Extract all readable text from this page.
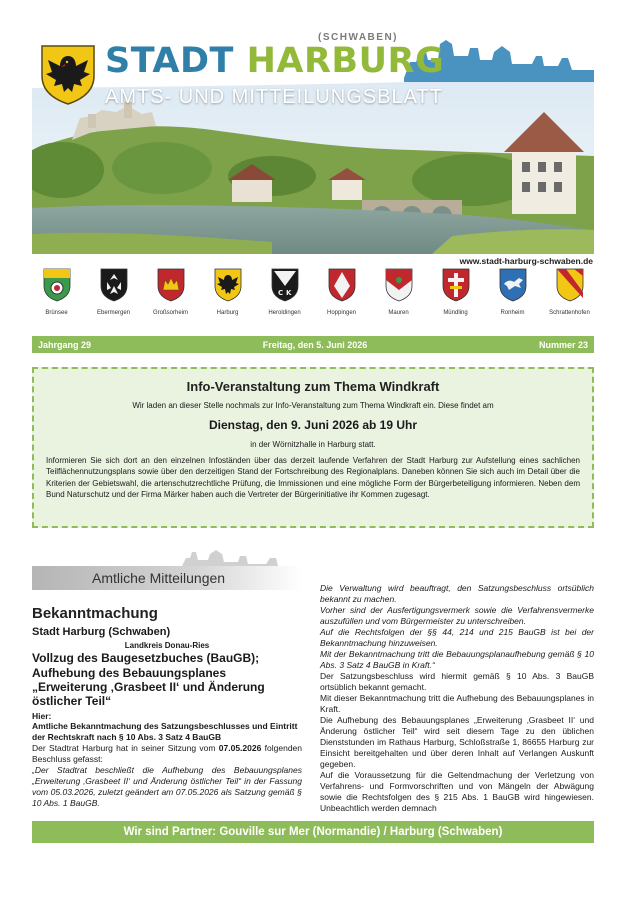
(SCHWABEN)
STADT HARBURG
AMTS- UND MITTEILUNGSBLATT
www.stadt-harburg-schwaben.de
Brünsee	Ebermergen	Großsorheim	Harburg
C K
Heroldingen	Hoppingen	Mauren	Mündling	Ronheim	Schrattenhofen
Jahrgang 29	Freitag, den 5. Juni 2026	Nummer 23
Info-Veranstaltung zum Thema Windkraft
Wir laden an dieser Stelle nochmals zur Info-Veranstaltung zum Thema Windkraft ein. Diese findet am
Dienstag, den 9. Juni 2026 ab 19 Uhr
in der Wörnitzhalle in Harburg statt.
Informieren Sie sich dort an den einzelnen Infoständen über das derzeit laufende Verfahren der Stadt Harburg zur Aufstellung eines sachlichen Teilflächennutzungsplans sowie über den derzeitigen Stand der Fortschreibung des Regionalplans. Daneben können Sie sich auch im Detail über die Kriterien der Gebietswahl, die artenschutzrechtliche Prüfung, die Immissionen und eine mögliche Form der Bürgerbeteiligung informieren. Neben dem Bund Naturschutz und der Firma Märker haben auch die Vertreter der Bürgerinitiative ihr Kommen zugesagt.
Amtliche Mitteilungen
Bekanntmachung
Stadt Harburg (Schwaben)
Landkreis Donau-Ries
Vollzug des Baugesetzbuches (BauGB);
Aufhebung des Bebauungsplanes „Erweiterung ‚Grasbeet II‘ und Änderung östlicher Teil“
Hier:
Amtliche Bekanntmachung des Satzungsbeschlusses und Eintritt der Rechtskraft nach § 10 Abs. 3 Satz 4 BauGB
Der Stadtrat Harburg hat in seiner Sitzung vom 07.05.2026 folgenden Beschluss gefasst:
„Der Stadtrat beschließt die Aufhebung des Bebauungsplanes „Erweiterung ‚Grasbeet II‘ und Änderung östlicher Teil“ in der Fassung vom 05.03.2026, zuletzt geändert am 07.05.2026 als Satzung gemäß § 10 Abs. 1 BauGB.

Die Verwaltung wird beauftragt, den Satzungsbeschluss ortsüblich bekannt zu machen.

Vorher sind der Ausfertigungsvermerk sowie die Verfahrensvermerke auszufüllen und vom Bürgermeister zu unterschreiben.

Auf die Rechtsfolgen der §§ 44, 214 und 215 BauGB ist bei der Bekanntmachung hinzuweisen.

Mit der Bekanntmachung tritt die Bebauungsplanaufhebung gemäß § 10 Abs. 3 Satz 4 BauGB in Kraft.“

Der Satzungsbeschluss wird hiermit gemäß § 10 Abs. 3 BauGB ortsüblich bekannt gemacht.

Mit dieser Bekanntmachung tritt die Aufhebung des Bebauungsplanes in Kraft.

Die Aufhebung des Bebauungsplanes „Erweiterung ‚Grasbeet II‘ und Änderung östlicher Teil“ wird seit diesem Tage zu den üblichen Dienststunden im Rathaus Harburg, Schloßstraße 1, 86655 Harburg zur Einsicht bereitgehalten und über deren Inhalt auf Verlangen Auskunft gegeben.

Auf die Voraussetzung für die Geltendmachung der Verletzung von Verfahrens- und Formvorschriften und von Mängeln der Abwägung sowie die Rechtsfolgen des § 215 Abs. 1 BauGB wird hingewiesen. Unbeachtlich werden demnach

Wir sind Partner: Gouville sur Mer (Normandie) / Harburg (Schwaben)
